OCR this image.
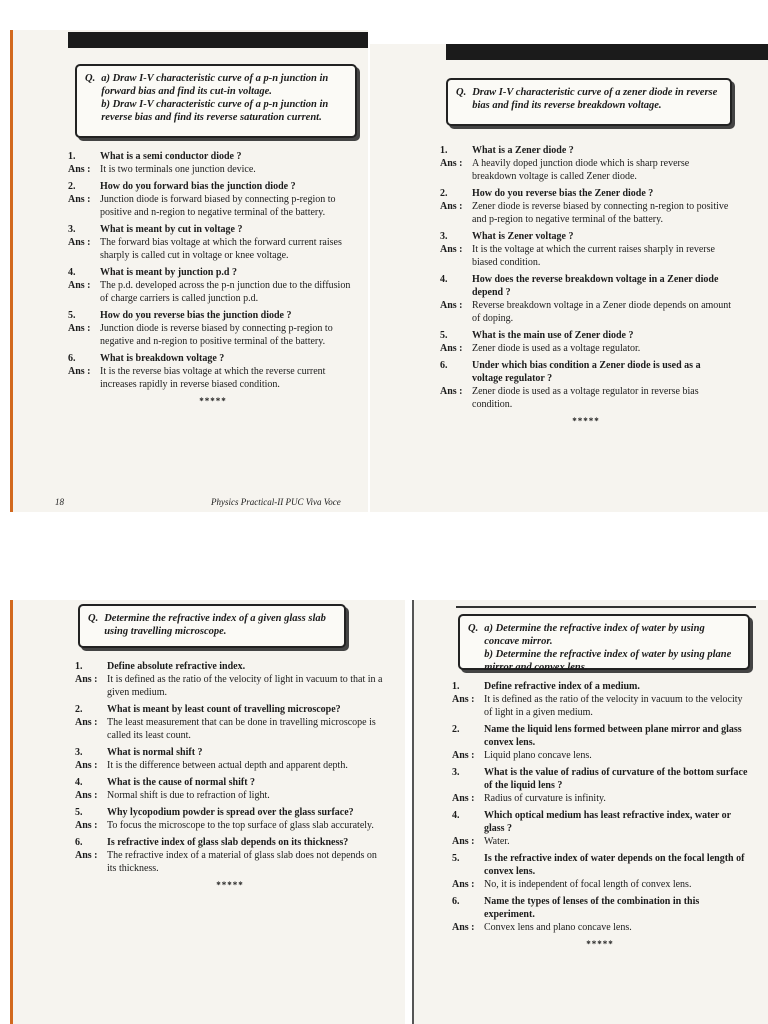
Q. a) Draw I-V characteristic curve of a p-n junction in forward bias and find its cut-in voltage.
b) Draw I-V characteristic curve of a p-n junction in reverse bias and find its reverse saturation current.
1.	What is a semi conductor diode ?
Ans : It is two terminals one junction device.
2.	How do you forward bias the junction diode ?
Ans : Junction diode is forward biased by connecting p-region to positive and n-region to negative terminal of the battery.
3.	What is meant by cut in voltage ?
Ans : The forward bias voltage at which the forward current raises sharply is called cut in voltage or knee voltage.
4.	What is meant by junction p.d ?
Ans : The p.d. developed across the p-n junction due to the diffusion of charge carriers is called junction p.d.
5.	How do you reverse bias the junction diode ?
Ans : Junction diode is reverse biased by connecting p-region to negative and n-region to positive terminal of the battery.
6.	What is breakdown voltage ?
Ans : It is the reverse bias voltage at which the reverse current increases rapidly in reverse biased condition.
*****
18	Physics Practical-II PUC Viva Voce
Q. Draw I-V characteristic curve of a zener diode in reverse bias and find its reverse breakdown voltage.
1.	What is a Zener diode ?
Ans : A heavily doped junction diode which is sharp reverse breakdown voltage is called Zener diode.
2.	How do you reverse bias the Zener diode ?
Ans : Zener diode is reverse biased by connecting n-region to positive and p-region to negative terminal of the battery.
3.	What is Zener voltage ?
Ans : It is the voltage at which the current raises sharply in reverse biased condition.
4.	How does the reverse breakdown voltage in a Zener diode depend ?
Ans : Reverse breakdown voltage in a Zener diode depends on amount of doping.
5.	What is the main use of Zener diode ?
Ans : Zener diode is used as a voltage regulator.
6.	Under which bias condition a Zener diode is used as a voltage regulator ?
Ans : Zener diode is used as a voltage regulator in reverse bias condition.
*****
Q. Determine the refractive index of a given glass slab using travelling microscope.
1.	Define absolute refractive index.
Ans : It is defined as the ratio of the velocity of light in vacuum to that in a given medium.
2.	What is meant by least count of travelling microscope?
Ans : The least measurement that can be done in travelling microscope is called its least count.
3.	What is normal shift ?
Ans : It is the difference between actual depth and apparent depth.
4.	What is the cause of normal shift ?
Ans : Normal shift is due to refraction of light.
5.	Why lycopodium powder is spread over the glass surface?
Ans : To focus the microscope to the top surface of glass slab accurately.
6.	Is refractive index of glass slab depends on its thickness?
Ans : The refractive index of a material of glass slab does not depends on its thickness.
*****
Q. a) Determine the refractive index of water by using concave mirror.
b) Determine the refractive index of water by using plane mirror and convex lens.
1.	Define refractive index of a medium.
Ans : It is defined as the ratio of the velocity in vacuum to the velocity of light in a given medium.
2.	Name the liquid lens formed between plane mirror and glass convex lens.
Ans : Liquid plano concave lens.
3.	What is the value of radius of curvature of the bottom surface of the liquid lens ?
Ans : Radius of curvature is infinity.
4.	Which optical medium has least refractive index, water or glass ?
Ans : Water.
5.	Is the refractive index of water depends on the focal length of convex lens.
Ans : No, it is independent of focal length of convex lens.
6.	Name the types of lenses of the combination in this experiment.
Ans : Convex lens and plano concave lens.
*****
